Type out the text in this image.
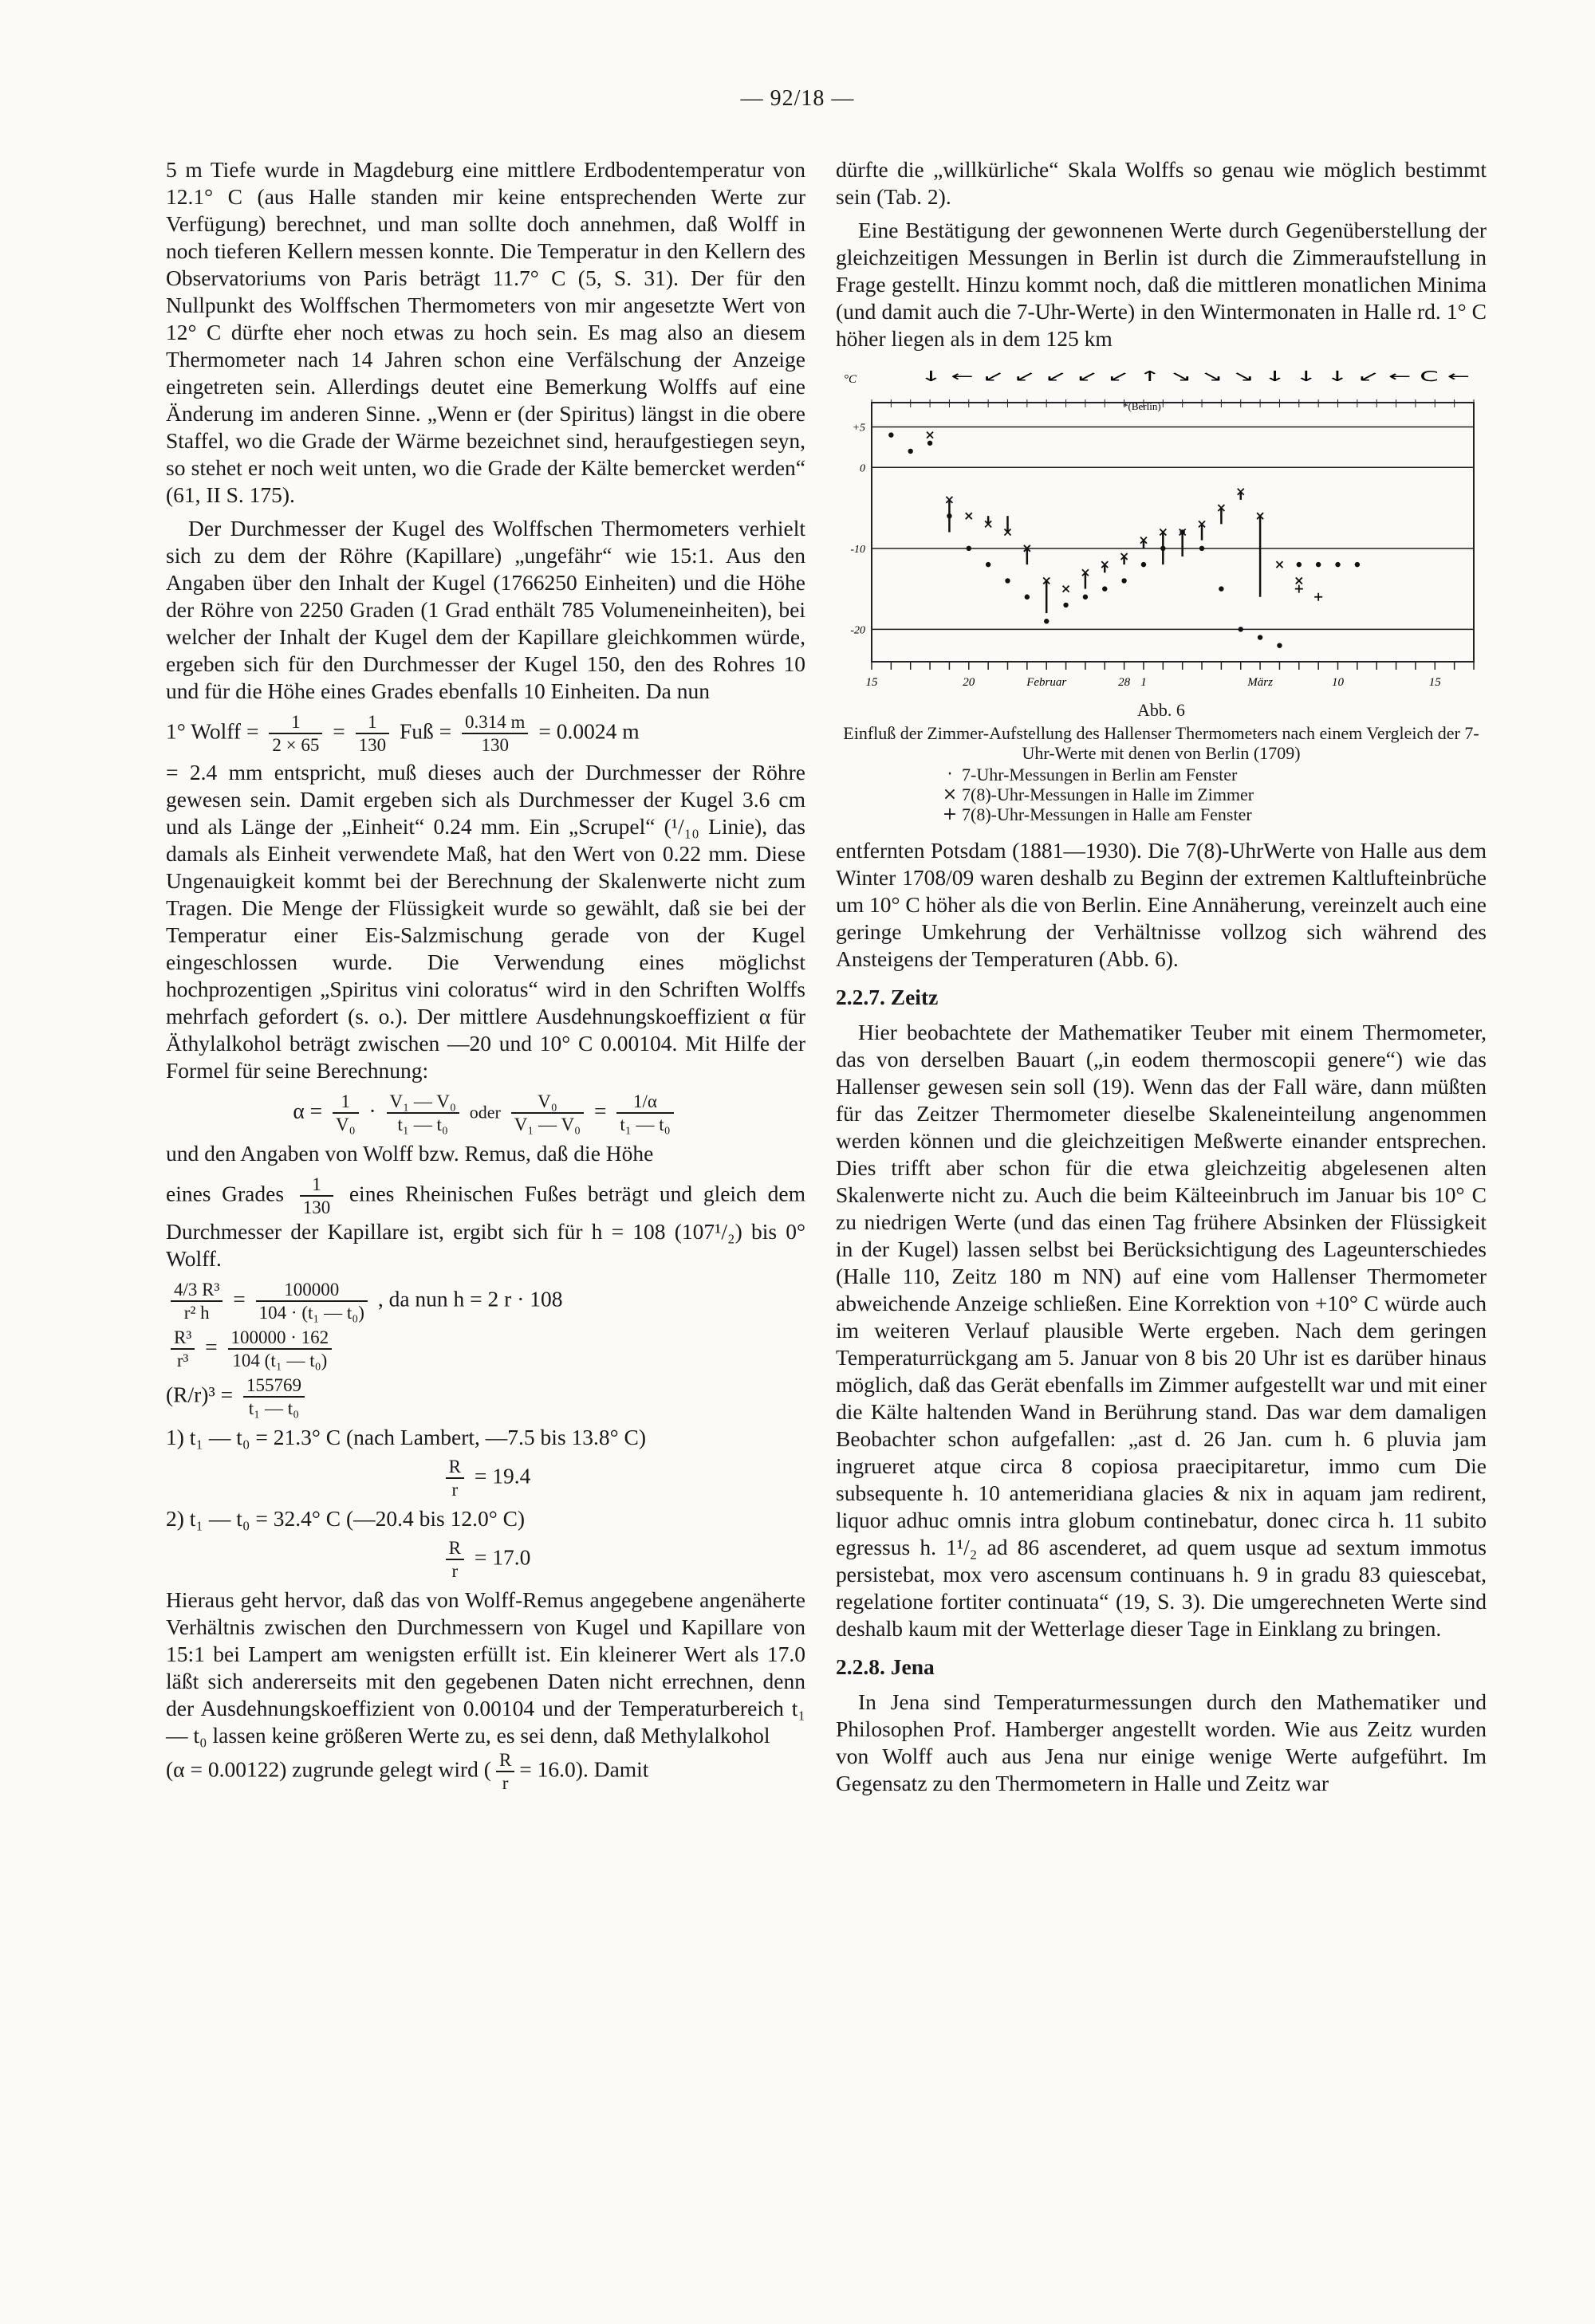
— 92/18 —

5 m Tiefe wurde in Magdeburg eine mittlere Erdbodentemperatur von 12.1° C (aus Halle standen mir keine entsprechenden Werte zur Verfügung) berechnet, und man sollte doch annehmen, daß Wolff in noch tieferen Kellern messen konnte. Die Temperatur in den Kellern des Observatoriums von Paris beträgt 11.7° C (5, S. 31). Der für den Nullpunkt des Wolffschen Thermometers von mir angesetzte Wert von 12° C dürfte eher noch etwas zu hoch sein. Es mag also an diesem Thermometer nach 14 Jahren schon eine Verfälschung der Anzeige eingetreten sein. Allerdings deutet eine Bemerkung Wolffs auf eine Änderung im anderen Sinne. „Wenn er (der Spiritus) längst in die obere Staffel, wo die Grade der Wärme bezeichnet sind, heraufgestiegen seyn, so stehet er noch weit unten, wo die Grade der Kälte bemercket werden“ (61, II S. 175).

Der Durchmesser der Kugel des Wolffschen Thermometers verhielt sich zu dem der Röhre (Kapillare) „ungefähr“ wie 15:1. Aus den Angaben über den Inhalt der Kugel (1766250 Einheiten) und die Höhe der Röhre von 2250 Graden (1 Grad enthält 785 Volumeneinheiten), bei welcher der Inhalt der Kugel dem der Kapillare gleichkommen würde, ergeben sich für den Durchmesser der Kugel 150, den des Rohres 10 und für die Höhe eines Grades ebenfalls 10 Einheiten. Da nun

1° Wolff = $\frac{1}{2 \times 65} = \frac{1}{130}$ Fuß = $\frac{0.314 m}{130} = 0.0024$ m

= 2.4 mm entspricht, muß dieses auch der Durchmesser der Röhre gewesen sein. Damit ergeben sich als Durchmesser der Kugel 3.6 cm und als Länge der „Einheit“ 0.24 mm. Ein „Scrupel“ (¹/₁₀ Linie), das damals als Einheit verwendete Maß, hat den Wert von 0.22 mm. Diese Ungenauigkeit kommt bei der Berechnung der Skalenwerte nicht zum Tragen. Die Menge der Flüssigkeit wurde so gewählt, daß sie bei der Temperatur einer Eis-Salzmischung gerade von der Kugel eingeschlossen wurde. Die Verwendung eines möglichst hochprozentigen „Spiritus vini coloratus“ wird in den Schriften Wolffs mehrfach gefordert (s. o.). Der mittlere Ausdehnungskoeffizient α für Äthylalkohol beträgt zwischen —20 und 10° C 0.00104. Mit Hilfe der Formel für seine Berechnung:

$\alpha = \frac{1}{\text{V₀}} \cdot \frac{\text{V₁ — V₀}}{\text{t₁ — t₀}}$ oder $\frac{\text{V₀}}{\text{V₁ — V₀}} = \frac{1/\alpha}{\text{t₁ — t₀}}$

und den Angaben von Wolff bzw. Remus, daß die Höhe

eines Grades $\frac{1}{130}$ eines Rheinischen Fußes beträgt und gleich dem Durchmesser der Kapillare ist, ergibt sich für h = 108 (107¹/₂) bis 0° Wolff.

$\frac{\text{4/3 R³}}{\text{r² h}} = \frac{100000}{\text{104 · (t₁ — t₀)}}$ , da nun h = 2 r · 108
$\frac{\text{R³}}{\text{r³}} = \frac{100000 \cdot 162}{\text{104 (t₁ — t₀)}}$
$(R/r)^3 = \frac{155769}{\text{t₁ — t₀}}$
1) t₁ — t₀ = 21.3° C (nach Lambert, —7.5 bis 13.8° C)
$\frac{R}{r} = 19.4$
2) t₁ — t₀ = 32.4° C (—20.4 bis 12.0° C)
$\frac{R}{r} = 17.0$

Hieraus geht hervor, daß das von Wolff-Remus angegebene angenäherte Verhältnis zwischen den Durchmessern von Kugel und Kapillare von 15:1 bei Lampert am wenigsten erfüllt ist. Ein kleinerer Wert als 17.0 läßt sich andererseits mit den gegebenen Daten nicht errechnen, denn der Ausdehnungskoeffizient von 0.00104 und der Temperaturbereich t₁ — t₀ lassen keine größeren Werte zu, es sei denn, daß Methylalkohol

(α = 0.00122) zugrunde gelegt wird ( $\frac{R}{r} = 16.0$). Damit

dürfte die „willkürliche“ Skala Wolffs so genau wie möglich bestimmt sein (Tab. 2).

Eine Bestätigung der gewonnenen Werte durch Gegenüberstellung der gleichzeitigen Messungen in Berlin ist durch die Zimmeraufstellung in Frage gestellt. Hinzu kommt noch, daß die mittleren monatlichen Minima (und damit auch die 7-Uhr-Werte) in den Wintermonaten in Halle rd. 1° C höher liegen als in dem 125 km

°C	↓ ← ↙ ↙ ↙ ↙ ↙ ↑ ↘ ↘ ↘ ↓ ↓ ↓ ↙ ← C ←
*(Berlin)
+5
0
-10
-20
15	20	Februar	28 1	März	10	15
Abb. 6
Einfluß der Zimmer-Aufstellung des Hallenser Thermometers nach einem Vergleich der 7-Uhr-Werte mit denen von Berlin (1709)
· 7-Uhr-Messungen in Berlin am Fenster
× 7(8)-Uhr-Messungen in Halle im Zimmer
+ 7(8)-Uhr-Messungen in Halle am Fenster

entfernten Potsdam (1881—1930). Die 7(8)-UhrWerte von Halle aus dem Winter 1708/09 waren deshalb zu Beginn der extremen Kaltlufteinbrüche um 10° C höher als die von Berlin. Eine Annäherung, vereinzelt auch eine geringe Umkehrung der Verhältnisse vollzog sich während des Ansteigens der Temperaturen (Abb. 6).

2.2.7. Zeitz

Hier beobachtete der Mathematiker Teuber mit einem Thermometer, das von derselben Bauart („in eodem thermoscopii genere“) wie das Hallenser gewesen sein soll (19). Wenn das der Fall wäre, dann müßten für das Zeitzer Thermometer dieselbe Skaleneinteilung angenommen werden können und die gleichzeitigen Meßwerte einander entsprechen. Dies trifft aber schon für die etwa gleichzeitig abgelesenen alten Skalenwerte nicht zu. Auch die beim Kälteeinbruch im Januar bis 10° C zu niedrigen Werte (und das einen Tag frühere Absinken der Flüssigkeit in der Kugel) lassen selbst bei Berücksichtigung des Lageunterschiedes (Halle 110, Zeitz 180 m NN) auf eine vom Hallenser Thermometer abweichende Anzeige schließen. Eine Korrektion von +10° C würde auch im weiteren Verlauf plausible Werte ergeben. Nach dem geringen Temperaturrückgang am 5. Januar von 8 bis 20 Uhr ist es darüber hinaus möglich, daß das Gerät ebenfalls im Zimmer aufgestellt war und mit einer die Kälte haltenden Wand in Berührung stand. Das war dem damaligen Beobachter schon aufgefallen: „ast d. 26 Jan. cum h. 6 pluvia jam ingrueret atque circa 8 copiosa praecipitaretur, immo cum Die subsequente h. 10 antemeridiana glacies & nix in aquam jam redirent, liquor adhuc omnis intra globum continebatur, donec circa h. 11 subito egressus h. 1¹/₂ ad 86 ascenderet, ad quem usque ad sextum immotus persistebat, mox vero ascensum continuans h. 9 in gradu 83 quiescebat, regelatione fortiter continuata“ (19, S. 3). Die umgerechneten Werte sind deshalb kaum mit der Wetterlage dieser Tage in Einklang zu bringen.

2.2.8. Jena

In Jena sind Temperaturmessungen durch den Mathematiker und Philosophen Prof. Hamberger angestellt worden. Wie aus Zeitz wurden von Wolff auch aus Jena nur einige wenige Werte aufgeführt. Im Gegensatz zu den Thermometern in Halle und Zeitz war
